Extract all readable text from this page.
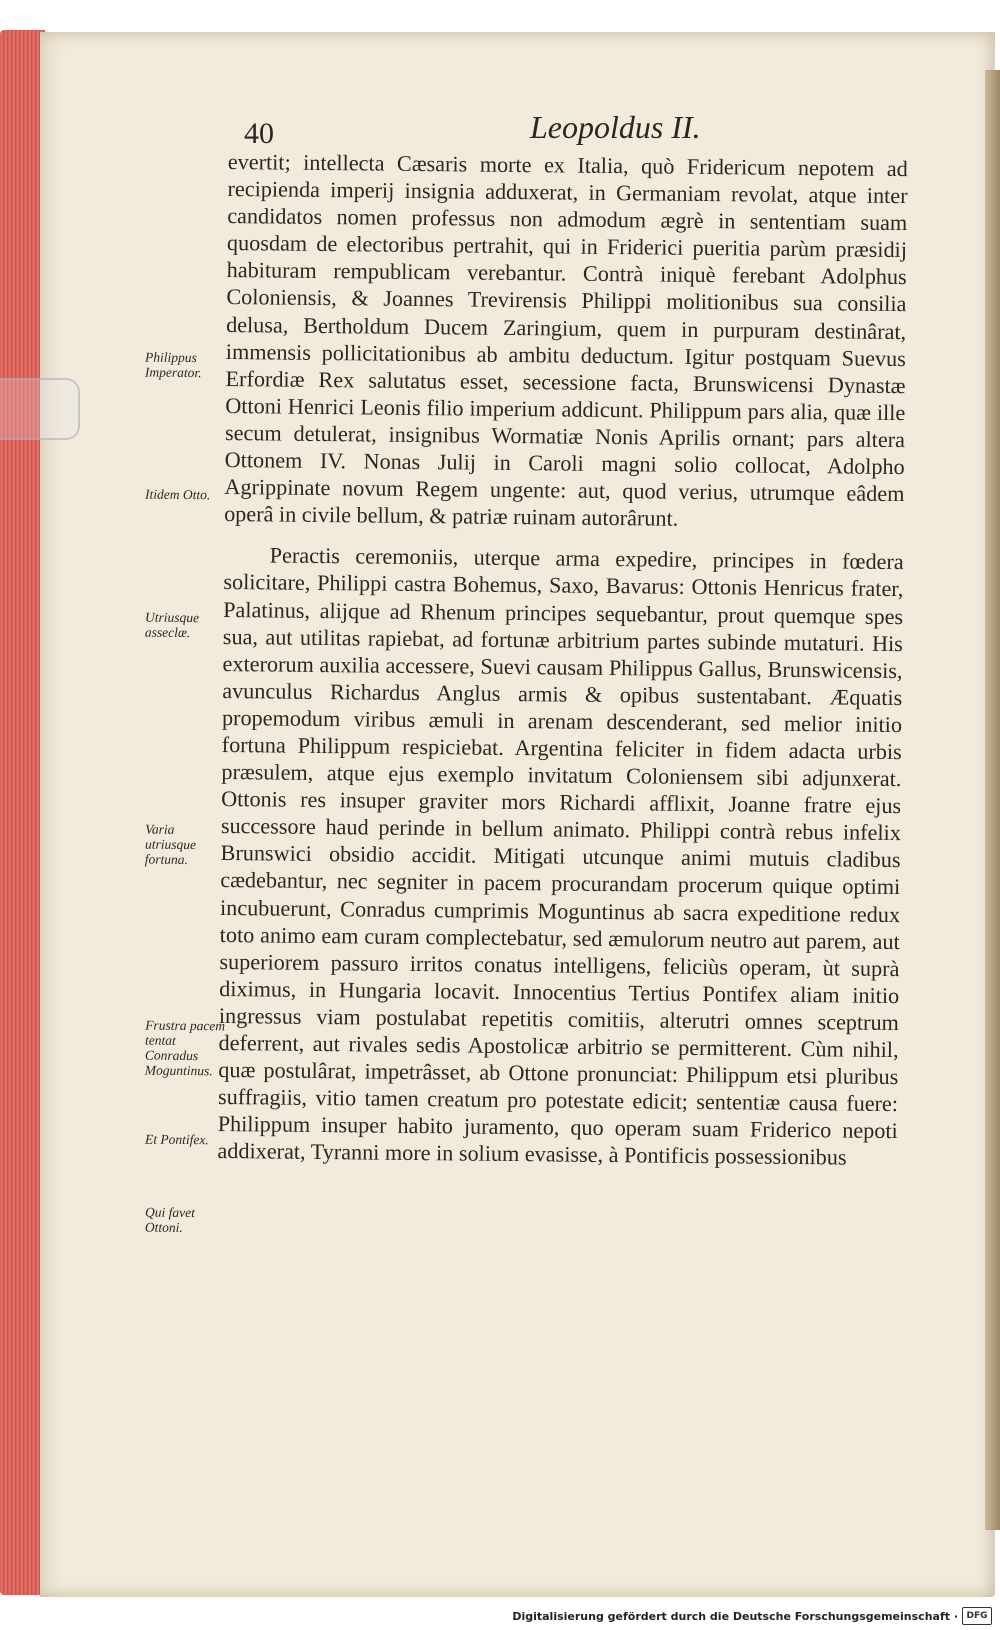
40	Leopoldus II.

evertit; intellecta Cæsaris morte ex Italia, quò Fridericum nepotem ad recipienda imperij insignia adduxerat, in Germaniam revolat, atque inter candidatos nomen professus non admodum ægrè in sententiam suam quosdam de electoribus pertrahit, qui in Friderici pueritia parùm præsidij habituram rempublicam verebantur. Contrà iniquè ferebant Adolphus Coloniensis, & Joannes Trevirensis Philippi molitionibus sua consilia delusa, Bertholdum Ducem Zaringium, quem in purpuram destinârat, immensis pollicitationibus ab ambitu deductum. Igitur postquam Suevus Erfordiæ Rex salutatus esset, secessione facta, Brunswicensi Dynastæ Ottoni Henrici Leonis filio imperium addicunt. Philippum pars alia, quæ ille secum detulerat, insignibus Wormatiæ Nonis Aprilis ornant; pars altera Ottonem IV. Nonas Julij in Caroli magni solio collocat, Adolpho Agrippinate novum Regem ungente: aut, quod verius, utrumque eâdem operâ in civile bellum, & patriæ ruinam autorârunt.

Peractis ceremoniis, uterque arma expedire, principes in fœdera solicitare, Philippi castra Bohemus, Saxo, Bavarus: Ottonis Henricus frater, Palatinus, alijque ad Rhenum principes sequebantur, prout quemque spes sua, aut utilitas rapiebat, ad fortunæ arbitrium partes subinde mutaturi. His exterorum auxilia accessere, Suevi causam Philippus Gallus, Brunswicensis, avunculus Richardus Anglus armis & opibus sustentabant. Æquatis propemodum viribus æmuli in arenam descenderant, sed melior initio fortuna Philippum respiciebat. Argentina feliciter in fidem adacta urbis præsulem, atque ejus exemplo invitatum Coloniensem sibi adjunxerat. Ottonis res insuper graviter mors Richardi afflixit, Joanne fratre ejus successore haud perinde in bellum animato. Philippi contrà rebus infelix Brunswici obsidio accidit. Mitigati utcunque animi mutuis cladibus cædebantur, nec segniter in pacem procurandam procerum quique optimi incubuerunt, Conradus cumprimis Moguntinus ab sacra expeditione redux toto animo eam curam complectebatur, sed æmulorum neutro aut parem, aut superiorem passuro irritos conatus intelligens, feliciùs operam, ùt suprà diximus, in Hungaria locavit. Innocentius Tertius Pontifex aliam initio ingressus viam postulabat repetitis comitiis, alterutri omnes sceptrum deferrent, aut rivales sedis Apostolicæ arbitrio se permitterent. Cùm nihil, quæ postulârat, impetrâsset, ab Ottone pronunciat: Philippum etsi pluribus suffragiis, vitio tamen creatum pro potestate edicit; sententiæ causa fuere: Philippum insuper habito juramento, quo operam suam Friderico nepoti addixerat, Tyranni more in solium evasisse, à Pontificis possessionibus

Philippus Imperator.
Itidem Otto.
Utriusque asseclæ.
Varia utriusque fortuna.
Frustra pacem tentat Conradus Moguntinus.
Et Pontifex.
Qui favet Ottoni.
Digitalisierung gefördert durch die Deutsche Forschungsgemeinschaft · DFG
